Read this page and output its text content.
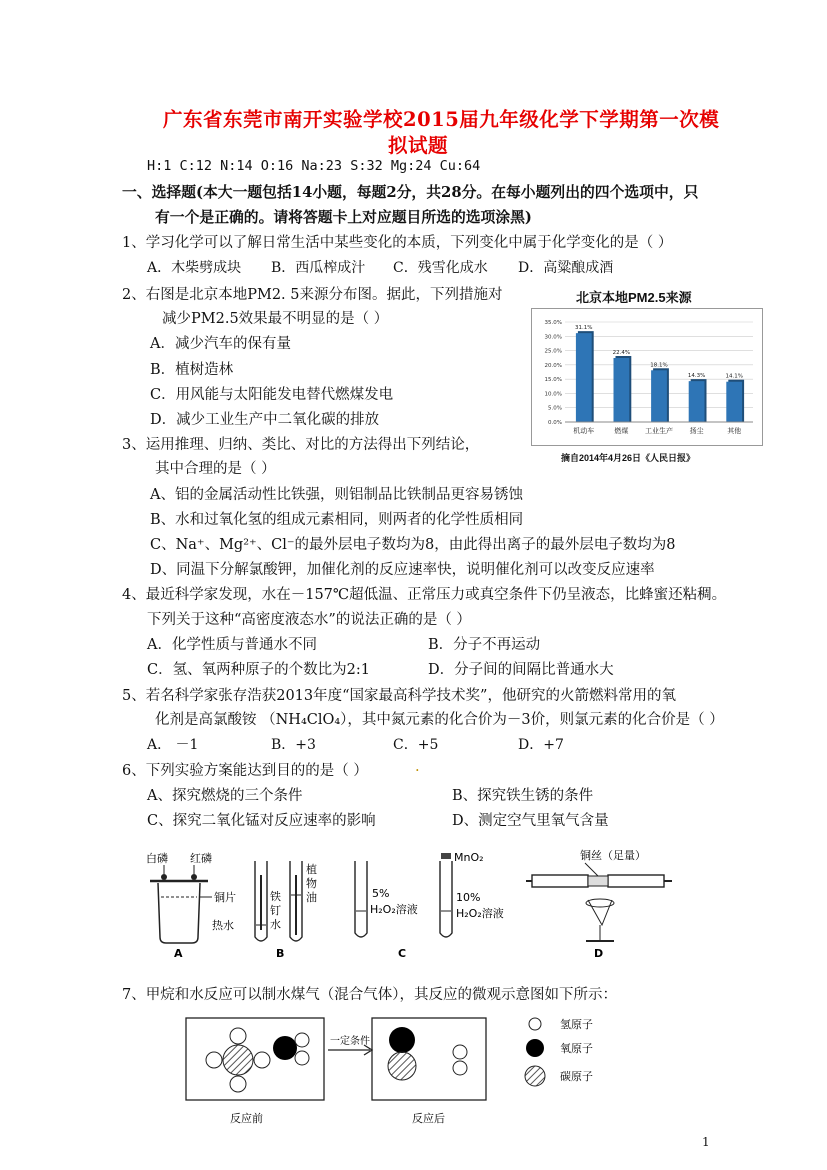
广东省东莞市南开实验学校2015届九年级化学下学期第一次模
拟试题
H:1 C:12 N:14 O:16 Na:23 S:32 Mg:24 Cu:64
一、选择题(本大一题包括14小题，每题2分，共28分。在每小题列出的四个选项中，只
有一个是正确的。请将答题卡上对应题目所选的选项涂黑)
1、学习化学可以了解日常生活中某些变化的本质，下列变化中属于化学变化的是（ ）
A．木柴劈成块 B．西瓜榨成汁 C．残雪化成水 D．高粱酿成酒
2、右图是北京本地PM2. 5来源分布图。据此，下列措施对
减少PM2.5效果最不明显的是（ ）
A．减少汽车的保有量
B．植树造林
C．用风能与太阳能发电替代燃煤发电
D．减少工业生产中二氧化碳的排放
北京本地PM2.5来源
0.0%
5.0%
10.0%
15.0%
20.0%
25.0%
30.0%
35.0%
31.1%
机动车
22.4%
燃煤
18.1%
工业生产
14.3%
扬尘
14.1%
其他
摘自2014年4月26日《人民日报》
3、运用推理、归纳、类比、对比的方法得出下列结论，
其中合理的是（ ）
A、铝的金属活动性比铁强，则铝制品比铁制品更容易锈蚀
B、水和过氧化氢的组成元素相同，则两者的化学性质相同
C、Na⁺、Mg²⁺、Cl⁻的最外层电子数均为8，由此得出离子的最外层电子数均为8
D、同温下分解氯酸钾，加催化剂的反应速率快，说明催化剂可以改变反应速率
4、最近科学家发现，水在－157℃超低温、正常压力或真空条件下仍呈液态，比蜂蜜还粘稠。
下列关于这种“高密度液态水”的说法正确的是（ ）
A．化学性质与普通水不同	B．分子不再运动
C．氢、氧两种原子的个数比为2:1	D．分子间的间隔比普通水大
5、若名科学家张存浩获2013年度“国家最高科学技术奖”，他研究的火箭燃料常用的氧
化剂是高氯酸铵 （NH₄ClO₄），其中氮元素的化合价为－3价，则氯元素的化合价是（ ）
A． －1	B．+3	C．+5	D．+7
6、下列实验方案能达到目的的是（ ）	.
A、探究燃烧的三个条件	B、探究铁生锈的条件
C、探究二氧化锰对反应速率的影响	D、测定空气里氧气含量
白磷 红磷
铜片
热水
A
铁
钉
水
植
物
油
B
MnO₂
5%
H₂O₂溶液
10%
H₂O₂溶液
C
铜丝（足量）
D
7、甲烷和水反应可以制水煤气（混合气体），其反应的微观示意图如下所示：
一定条件
反应前	反应后
氢原子
氧原子
碳原子
1
